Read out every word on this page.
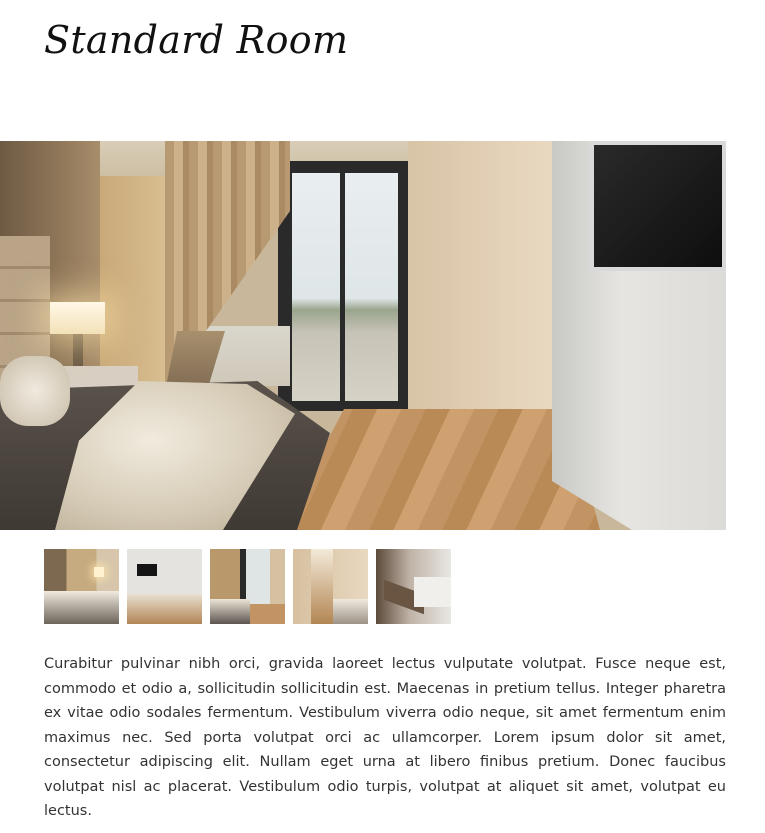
Standard Room

Curabitur pulvinar nibh orci, gravida laoreet lectus vulputate volutpat. Fusce neque est, commodo et odio a, sollicitudin sollicitudin est. Maecenas in pretium tellus. Integer pharetra ex vitae odio sodales fermentum. Vestibulum viverra odio neque, sit amet fermentum enim maximus nec. Sed porta volutpat orci ac ullamcorper. Lorem ipsum dolor sit amet, consectetur adipiscing elit. Nullam eget urna at libero finibus pretium. Donec faucibus volutpat nisl ac placerat. Vestibulum odio turpis, volutpat at aliquet sit amet, volutpat eu lectus.
